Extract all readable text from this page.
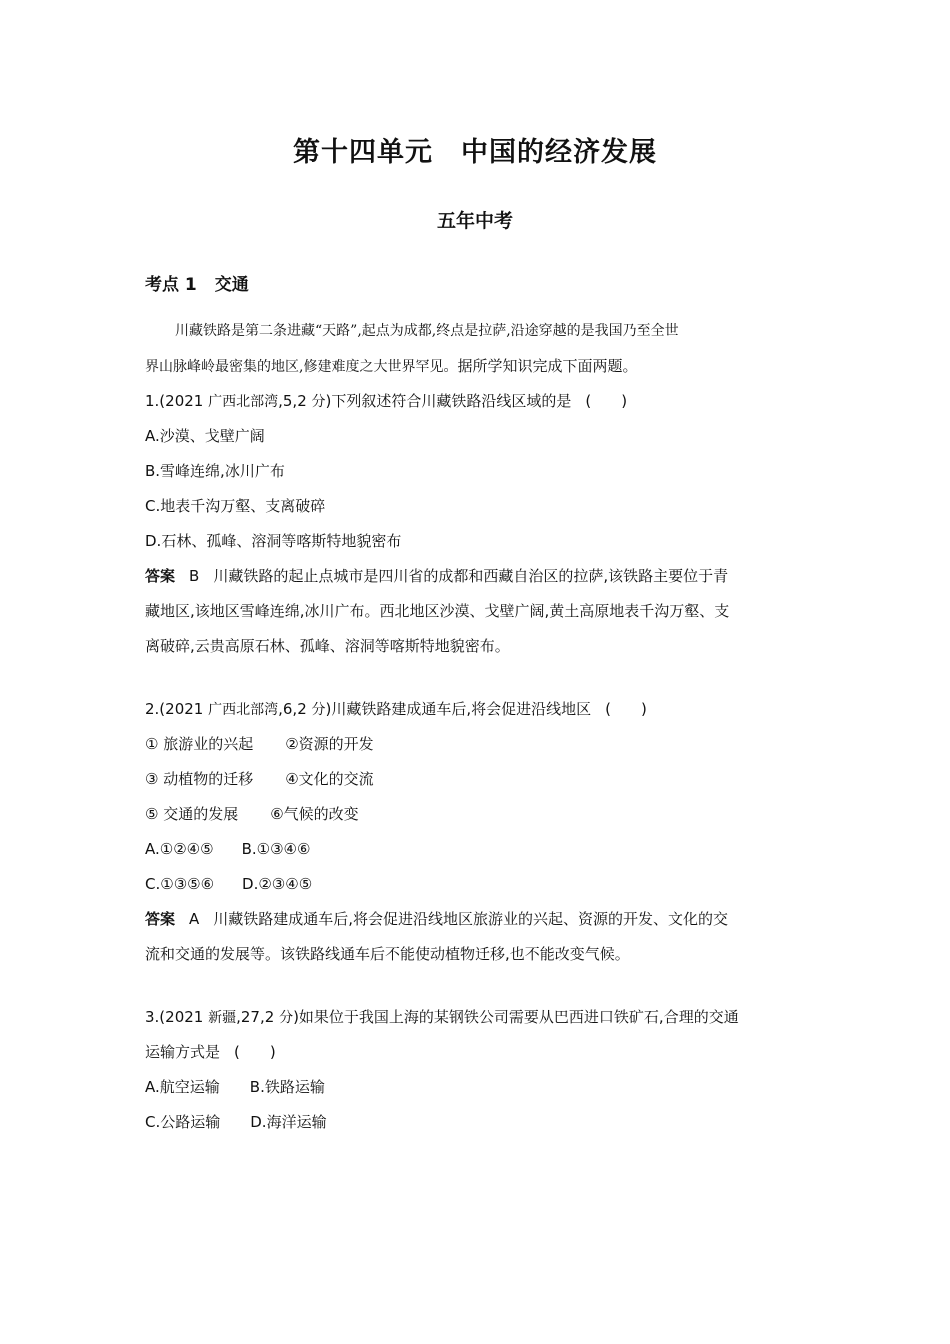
第十四单元　中国的经济发展
五年中考
考点 1 交通
川藏铁路是第二条进藏“天路”,起点为成都,终点是拉萨,沿途穿越的是我国乃至全世
界山脉峰岭最密集的地区,修建难度之大世界罕见。据所学知识完成下面两题。
1.(2021 广西北部湾,5,2 分)下列叙述符合川藏铁路沿线区域的是 (　　)
A.沙漠、戈壁广阔
B.雪峰连绵,冰川广布
C.地表千沟万壑、支离破碎
D.石林、孤峰、溶洞等喀斯特地貌密布
答案 B 川藏铁路的起止点城市是四川省的成都和西藏自治区的拉萨,该铁路主要位于青
藏地区,该地区雪峰连绵,冰川广布。西北地区沙漠、戈壁广阔,黄土高原地表千沟万壑、支
离破碎,云贵高原石林、孤峰、溶洞等喀斯特地貌密布。
2.(2021 广西北部湾,6,2 分)川藏铁路建成通车后,将会促进沿线地区 (　　)
① 旅游业的兴起 ②资源的开发
③ 动植物的迁移 ④文化的交流
⑤ 交通的发展 ⑥气候的改变
A.①②④⑤ B.①③④⑥
C.①③⑤⑥ D.②③④⑤
答案 A 川藏铁路建成通车后,将会促进沿线地区旅游业的兴起、资源的开发、文化的交
流和交通的发展等。该铁路线通车后不能使动植物迁移,也不能改变气候。
3.(2021 新疆,27,2 分)如果位于我国上海的某钢铁公司需要从巴西进口铁矿石,合理的交通
运输方式是 (　　)
A.航空运输 B.铁路运输
C.公路运输 D.海洋运输
